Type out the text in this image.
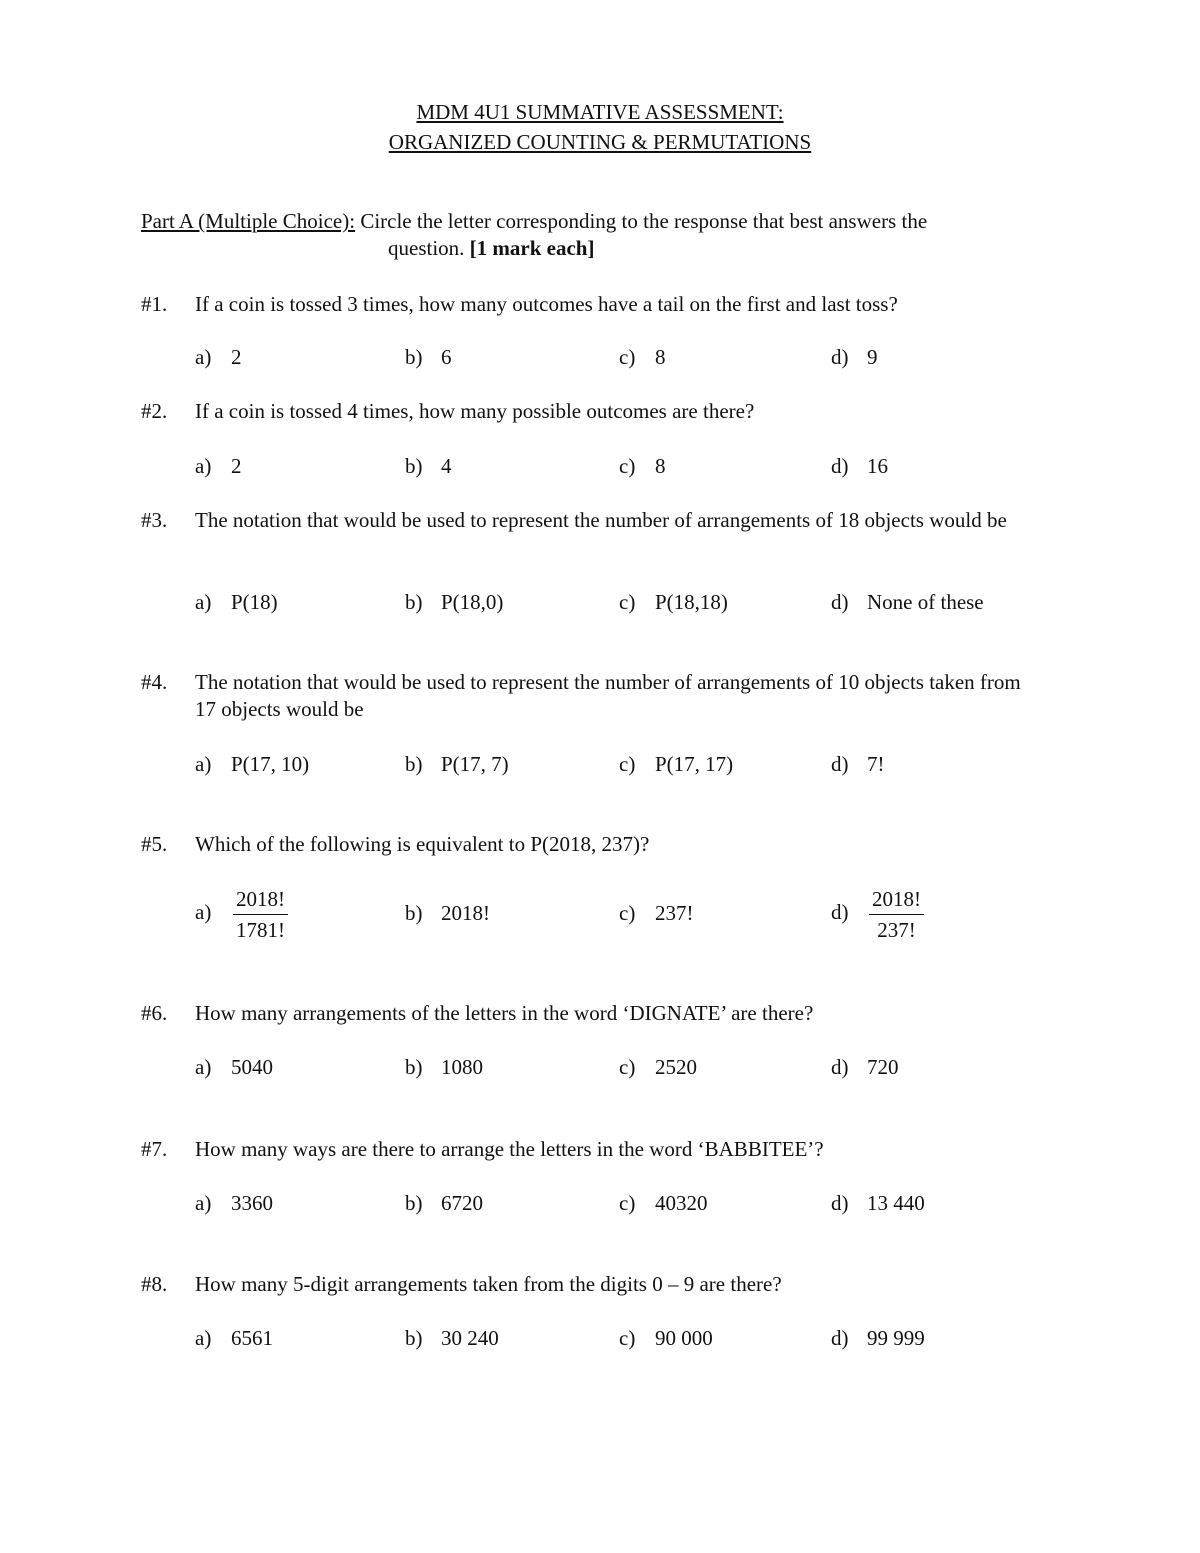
MDM 4U1 SUMMATIVE ASSESSMENT:
ORGANIZED COUNTING & PERMUTATIONS
Part A (Multiple Choice): Circle the letter corresponding to the response that best answers the
question. [1 mark each]
#1. If a coin is tossed 3 times, how many outcomes have a tail on the first and last toss?
a) 2	b) 6	c) 8	d) 9
#2. If a coin is tossed 4 times, how many possible outcomes are there?
a) 2	b) 4	c) 8	d) 16
#3. The notation that would be used to represent the number of arrangements of 18 objects would be
a) P(18)	b) P(18,0)	c) P(18,18)	d) None of these
#4. The notation that would be used to represent the number of arrangements of 10 objects taken from 17 objects would be
a) P(17, 10)	b) P(17, 7)	c) P(17, 17)	d) 7!
#5. Which of the following is equivalent to P(2018, 237)?
$a) \frac{2018!}{1781!}$	b) 2018!	c) 237!	$d) \frac{2018!}{237!}$
#6. How many arrangements of the letters in the word ‘DIGNATE’ are there?
a) 5040	b) 1080	c) 2520	d) 720
#7. How many ways are there to arrange the letters in the word ‘BABBITEE’?
a) 3360	b) 6720	c) 40320	d) 13 440
#8. How many 5-digit arrangements taken from the digits 0 – 9 are there?
a) 6561	b) 30 240	c) 90 000	d) 99 999
